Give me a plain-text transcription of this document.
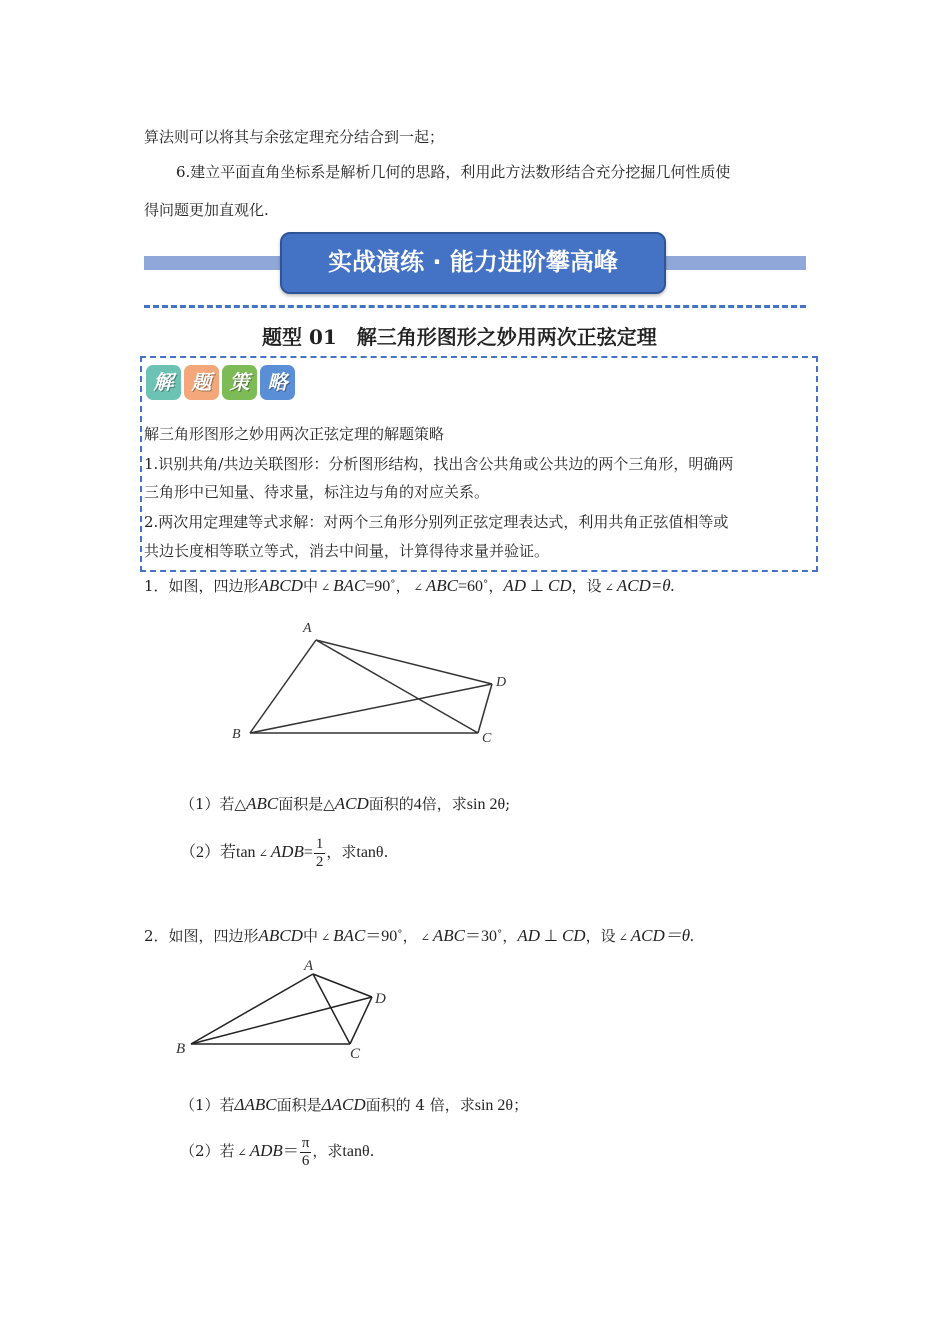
算法则可以将其与余弦定理充分结合到一起；
6.建立平面直角坐标系是解析几何的思路，利用此方法数形结合充分挖掘几何性质使
得问题更加直观化.
实战演练 · 能力进阶攀高峰
题型 01　解三角形图形之妙用两次正弦定理
解 题 策 略
解三角形图形之妙用两次正弦定理的解题策略
1.识别共角/共边关联图形：分析图形结构，找出含公共角或公共边的两个三角形，明确两
三角形中已知量、待求量，标注边与角的对应关系。
2.两次用定理建等式求解：对两个三角形分别列正弦定理表达式，利用共角正弦值相等或
共边长度相等联立等式，消去中间量，计算得待求量并验证。
1．如图，四边形ABCD中 ∠ BAC=90˚， ∠ ABC=60˚，AD ⊥ CD，设 ∠ ACD=θ.
A
B	C
D
（1）若△ABC面积是△ACD面积的4倍，求sin 2θ;
（2）若tan ∠ $ADB= \frac{1}{2}$ ，求tanθ.
2．如图，四边形ABCD中 ∠ BAC＝90˚， ∠ ABC＝30˚，AD ⊥ CD，设 ∠ ACD＝θ.
A
B	C
D
（1）若ΔABC面积是ΔACD面积的 4 倍，求sin 2θ；
（2）若 ∠ $ADB= \frac{\pi}{6}$ ，求tanθ.
